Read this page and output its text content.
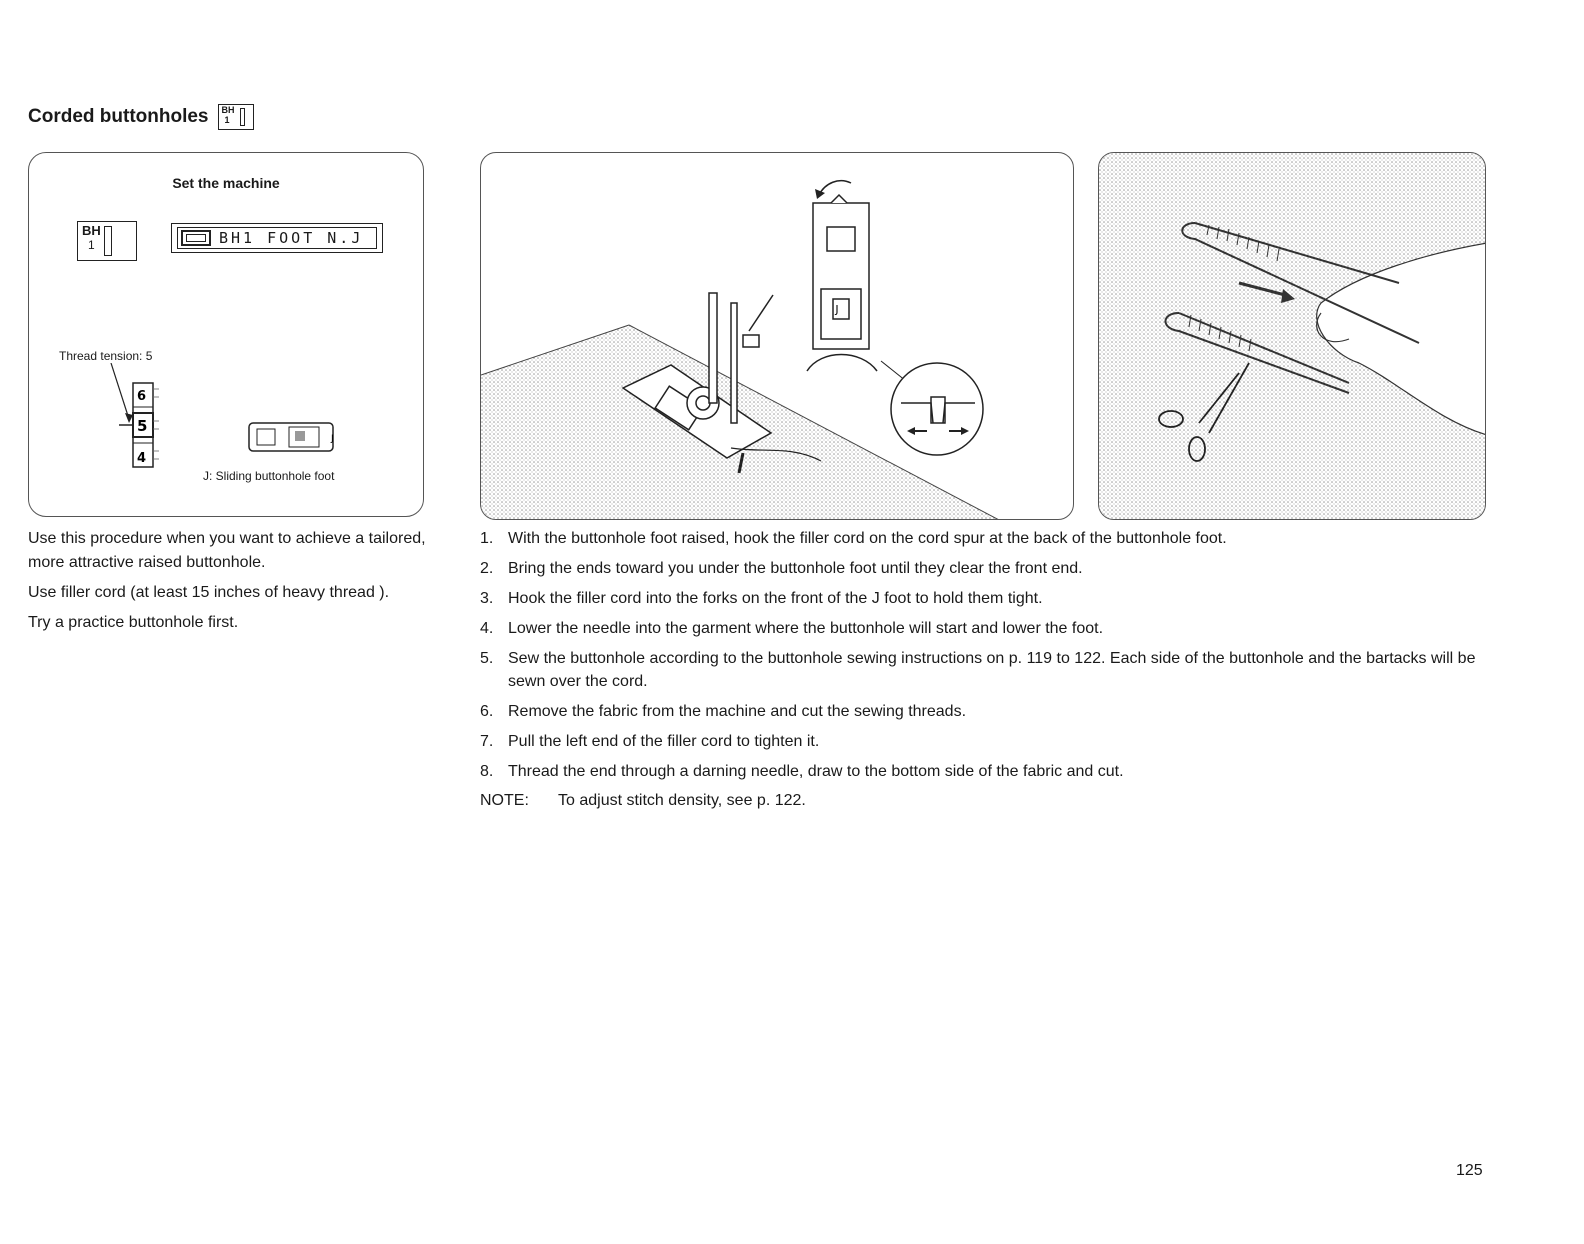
Corded buttonholes BH
1
Set the machine
BH
1	BH1 FOOT N.J
Thread tension: 5
6
5
4
J
J: Sliding buttonhole foot
J

Use this procedure when you want to achieve a tailored, more attractive raised buttonhole.

Use filler cord (at least 15 inches of heavy thread ).

Try a practice buttonhole first.

1. With the buttonhole foot raised, hook the filler cord on the cord spur at the back of the buttonhole foot.
2. Bring the ends toward you under the buttonhole foot until they clear the front end.
3. Hook the filler cord into the forks on the front of the J foot to hold them tight.
4. Lower the needle into the garment where the buttonhole will start and lower the foot.
5. Sew the buttonhole according to the buttonhole sewing instructions on p. 119 to 122. Each side of the buttonhole and the bartacks will be sewn over the cord.
6. Remove the fabric from the machine and cut the sewing threads.
7. Pull the left end of the filler cord to tighten it.
8. Thread the end through a darning needle, draw to the bottom side of the fabric and cut.
NOTE: To adjust stitch density, see p. 122.
125
